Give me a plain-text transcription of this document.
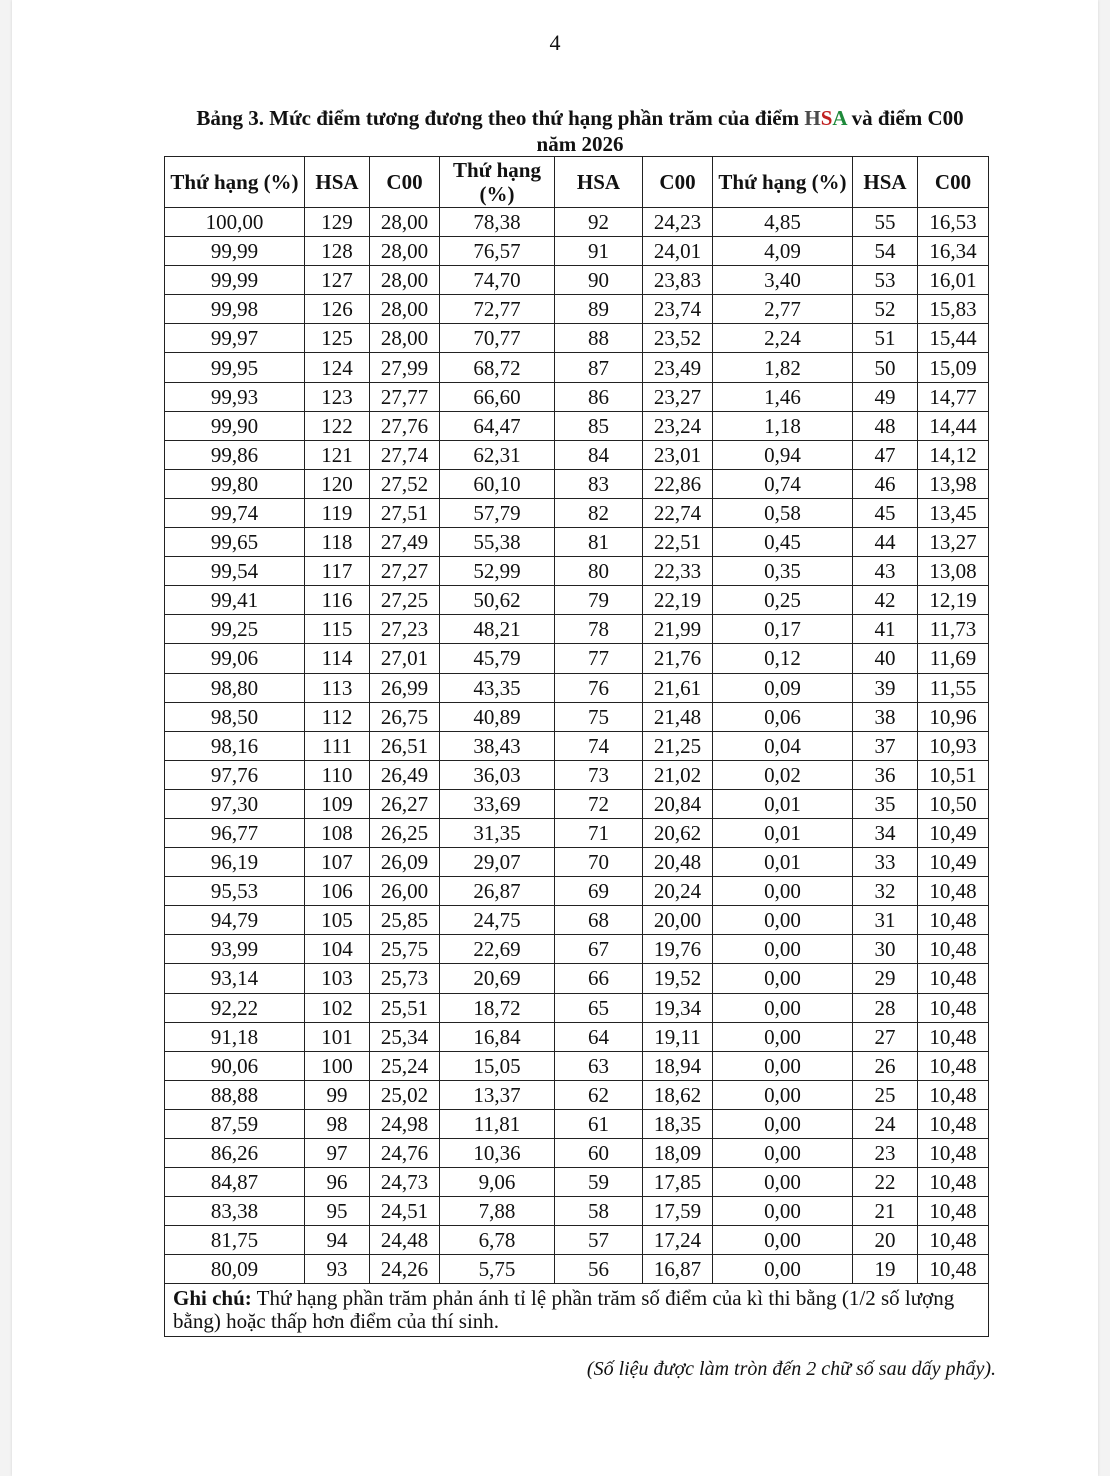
4
Bảng 3. Mức điểm tương đương theo thứ hạng phần trăm của điểm HSA và điểm C00
năm 2026
Thứ hạng (%)	HSA	C00	Thứ hạng (%)	HSA	C00	Thứ hạng (%)	HSA	C00
100,00	129	28,00	78,38	92	24,23	4,85	55	16,53
99,99	128	28,00	76,57	91	24,01	4,09	54	16,34
99,99	127	28,00	74,70	90	23,83	3,40	53	16,01
99,98	126	28,00	72,77	89	23,74	2,77	52	15,83
99,97	125	28,00	70,77	88	23,52	2,24	51	15,44
99,95	124	27,99	68,72	87	23,49	1,82	50	15,09
99,93	123	27,77	66,60	86	23,27	1,46	49	14,77
99,90	122	27,76	64,47	85	23,24	1,18	48	14,44
99,86	121	27,74	62,31	84	23,01	0,94	47	14,12
99,80	120	27,52	60,10	83	22,86	0,74	46	13,98
99,74	119	27,51	57,79	82	22,74	0,58	45	13,45
99,65	118	27,49	55,38	81	22,51	0,45	44	13,27
99,54	117	27,27	52,99	80	22,33	0,35	43	13,08
99,41	116	27,25	50,62	79	22,19	0,25	42	12,19
99,25	115	27,23	48,21	78	21,99	0,17	41	11,73
99,06	114	27,01	45,79	77	21,76	0,12	40	11,69
98,80	113	26,99	43,35	76	21,61	0,09	39	11,55
98,50	112	26,75	40,89	75	21,48	0,06	38	10,96
98,16	111	26,51	38,43	74	21,25	0,04	37	10,93
97,76	110	26,49	36,03	73	21,02	0,02	36	10,51
97,30	109	26,27	33,69	72	20,84	0,01	35	10,50
96,77	108	26,25	31,35	71	20,62	0,01	34	10,49
96,19	107	26,09	29,07	70	20,48	0,01	33	10,49
95,53	106	26,00	26,87	69	20,24	0,00	32	10,48
94,79	105	25,85	24,75	68	20,00	0,00	31	10,48
93,99	104	25,75	22,69	67	19,76	0,00	30	10,48
93,14	103	25,73	20,69	66	19,52	0,00	29	10,48
92,22	102	25,51	18,72	65	19,34	0,00	28	10,48
91,18	101	25,34	16,84	64	19,11	0,00	27	10,48
90,06	100	25,24	15,05	63	18,94	0,00	26	10,48
88,88	99	25,02	13,37	62	18,62	0,00	25	10,48
87,59	98	24,98	11,81	61	18,35	0,00	24	10,48
86,26	97	24,76	10,36	60	18,09	0,00	23	10,48
84,87	96	24,73	9,06	59	17,85	0,00	22	10,48
83,38	95	24,51	7,88	58	17,59	0,00	21	10,48
81,75	94	24,48	6,78	57	17,24	0,00	20	10,48
80,09	93	24,26	5,75	56	16,87	0,00	19	10,48
Ghi chú: Thứ hạng phần trăm phản ánh tỉ lệ phần trăm số điểm của kì thi bằng (1/2 số lượng bằng) hoặc thấp hơn điểm của thí sinh.								
(Số liệu được làm tròn đến 2 chữ số sau dấy phẩy).
